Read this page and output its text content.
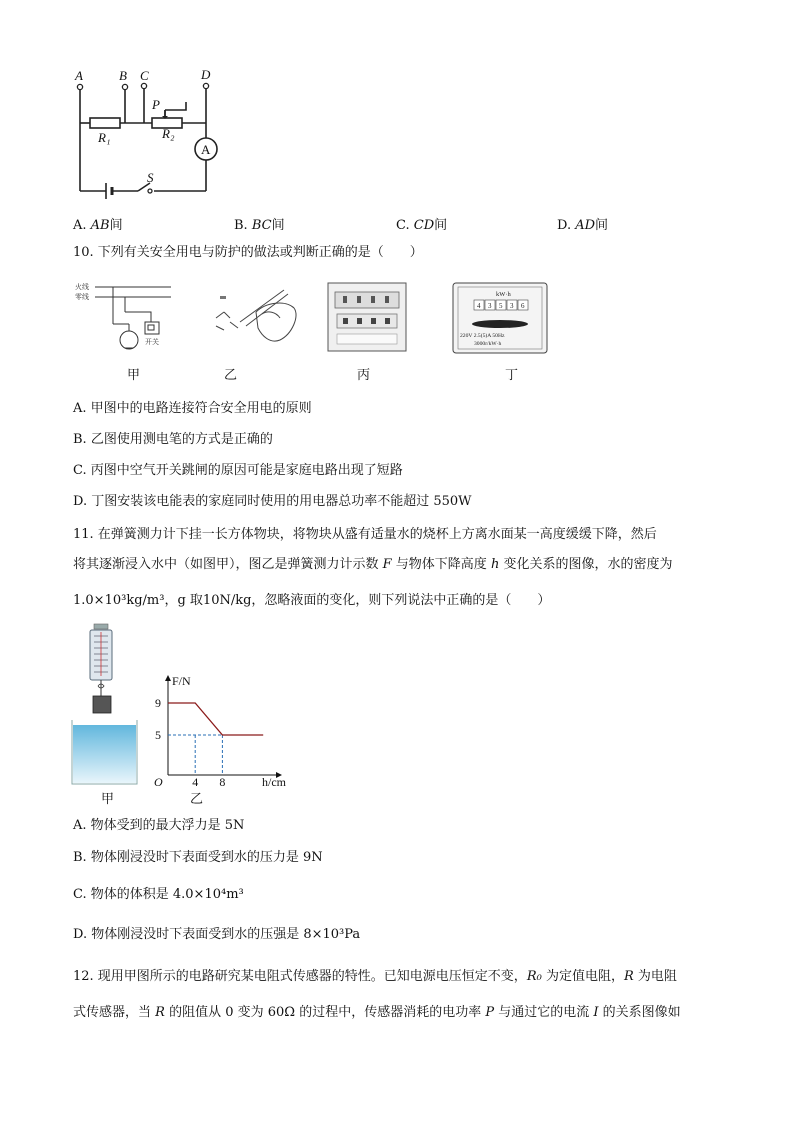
A	B C	D
P
R₁	R₂
S
A
A. AB间	B. BC间	C. CD间	D. AD间
10. 下列有关安全用电与防护的做法或判断正确的是（　　）
火线
零线
开关
kW·h
4 3 5 3 6
220V 2.5(5)A 50Hz
3000r/kW·h
甲	乙	丙	丁
A. 甲图中的电路连接符合安全用电的原则
B. 乙图使用测电笔的方式是正确的
C. 丙图中空气开关跳闸的原因可能是家庭电路出现了短路
D. 丁图安装该电能表的家庭同时使用的用电器总功率不能超过 550W
11. 在弹簧测力计下挂一长方体物块，将物块从盛有适量水的烧杯上方离水面某一高度缓缓下降，然后
将其逐渐浸入水中（如图甲），图乙是弹簧测力计示数 F 与物体下降高度 h 变化关系的图像，水的密度为
1.0×10³kg/m³，g 取10N/kg，忽略液面的变化，则下列说法中正确的是（　　）
4 8
9
5
O
F/N
h/cm
甲	乙
A. 物体受到的最大浮力是 5N
B. 物体刚浸没时下表面受到水的压力是 9N
C. 物体的体积是 4.0×10⁴m³
D. 物体刚浸没时下表面受到水的压强是 8×10³Pa
12. 现用甲图所示的电路研究某电阻式传感器的特性。已知电源电压恒定不变，R₀ 为定值电阻，R 为电阻
式传感器，当 R 的阻值从 0 变为 60Ω 的过程中，传感器消耗的电功率 P 与通过它的电流 I 的关系图像如
